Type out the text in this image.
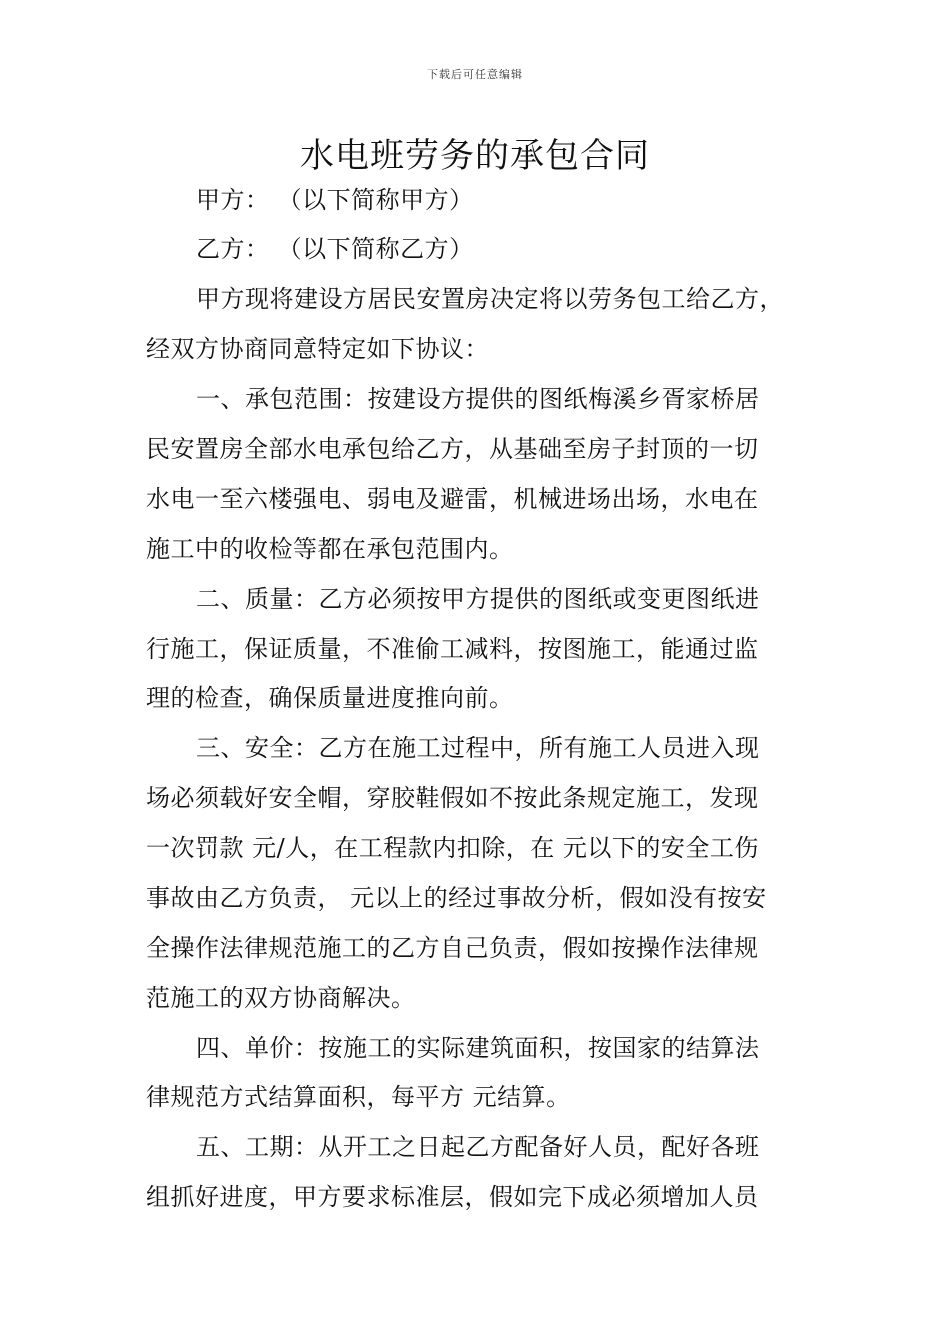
下载后可任意编辑
水电班劳务的承包合同
甲方： （以下简称甲方）
乙方： （以下简称乙方）
甲方现将建设方居民安置房决定将以劳务包工给乙方，
经双方协商同意特定如下协议：
一、承包范围：按建设方提供的图纸梅溪乡胥家桥居
民安置房全部水电承包给乙方，从基础至房子封顶的一切
水电一至六楼强电、弱电及避雷，机械进场出场，水电在
施工中的收检等都在承包范围内。
二、质量：乙方必须按甲方提供的图纸或变更图纸进
行施工，保证质量，不准偷工减料，按图施工，能通过监
理的检查，确保质量进度推向前。
三、安全：乙方在施工过程中，所有施工人员进入现
场必须载好安全帽，穿胶鞋假如不按此条规定施工，发现
一次罚款 元/人，在工程款内扣除，在 元以下的安全工伤
事故由乙方负责， 元以上的经过事故分析，假如没有按安
全操作法律规范施工的乙方自己负责，假如按操作法律规
范施工的双方协商解决。
四、单价：按施工的实际建筑面积，按国家的结算法
律规范方式结算面积，每平方 元结算。
五、工期：从开工之日起乙方配备好人员，配好各班
组抓好进度，甲方要求标准层，假如完下成必须增加人员
